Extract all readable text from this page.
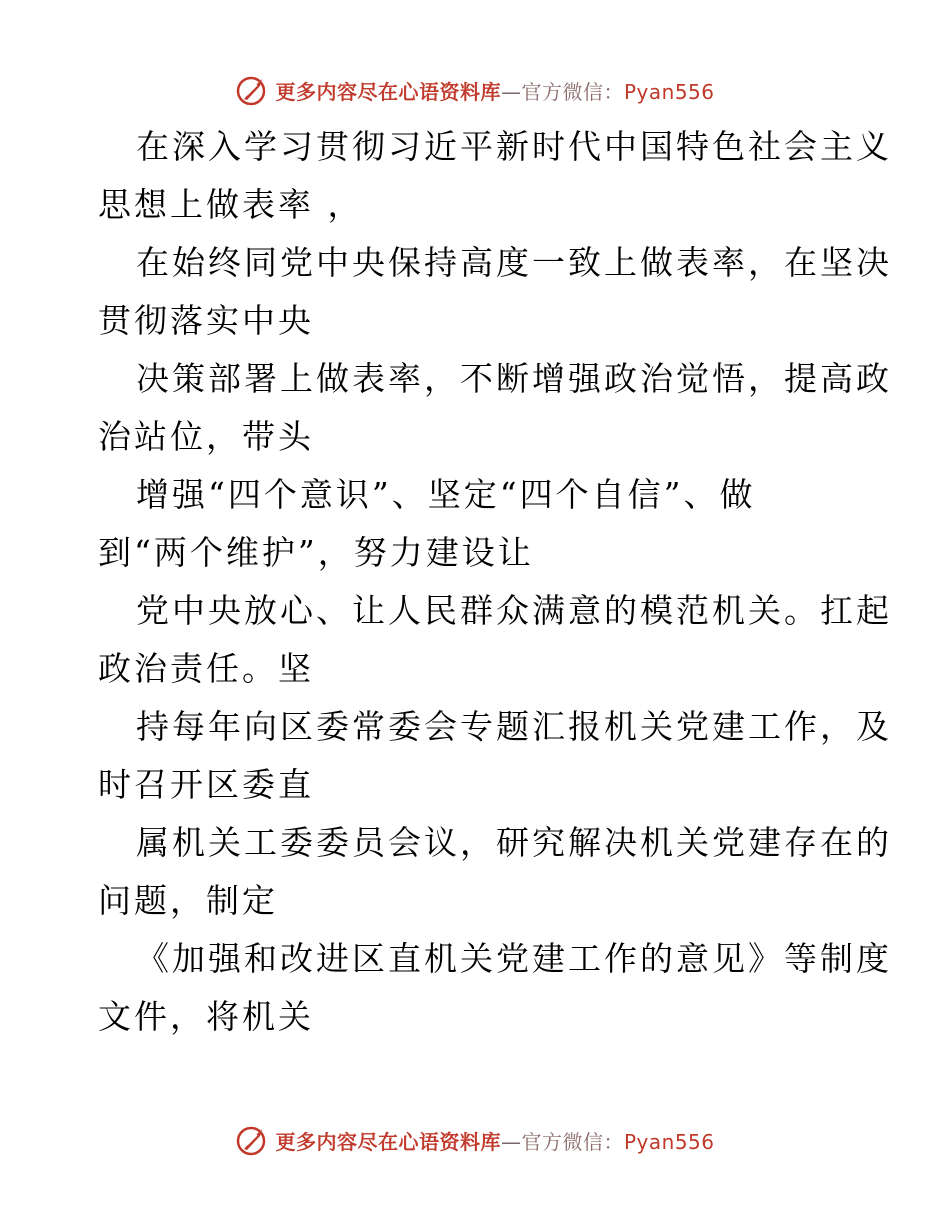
更多内容尽在心语资料库—官方微信：Pyan556

在深入学习贯彻习近平新时代中国特色社会主义
思想上做表率 ，

在始终同党中央保持高度一致上做表率，在坚决
贯彻落实中央

决策部署上做表率，不断增强政治觉悟，提高政
治站位，带头

增强“四个意识”、坚定“四个自信”、做
到“两个维护”，努力建设让

党中央放心、让人民群众满意的模范机关。扛起
政治责任。坚

持每年向区委常委会专题汇报机关党建工作，及
时召开区委直

属机关工委委员会议，研究解决机关党建存在的
问题，制定

《加强和改进区直机关党建工作的意见》等制度
文件，将机关

更多内容尽在心语资料库—官方微信：Pyan556
